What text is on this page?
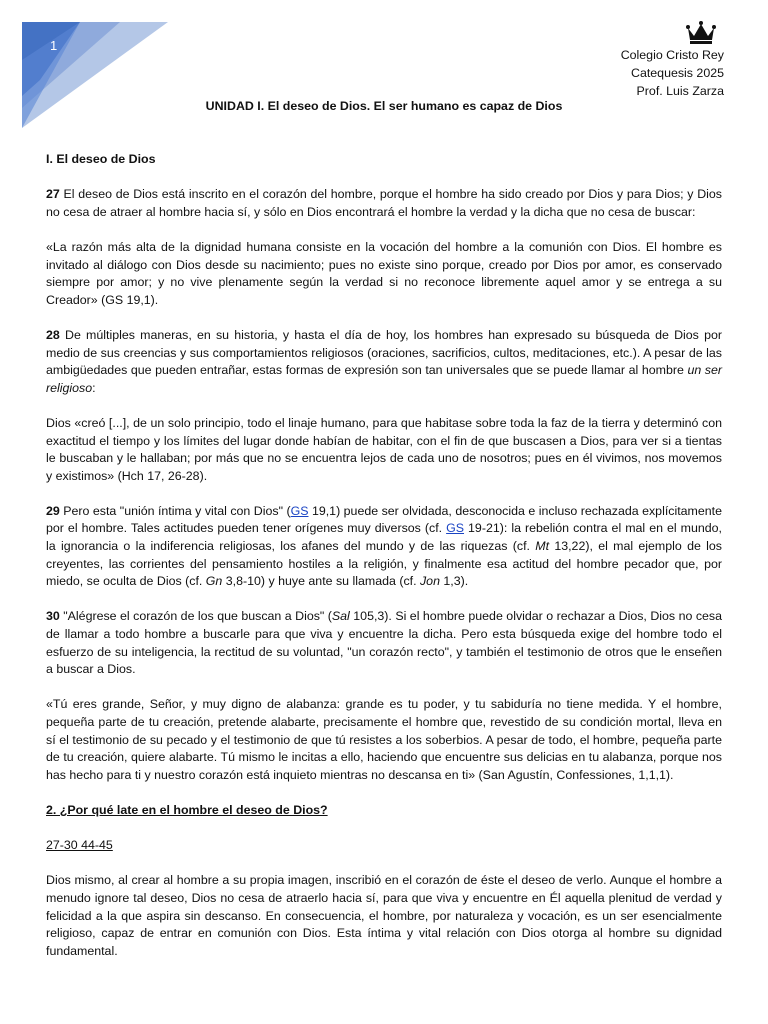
1
Colegio Cristo Rey
Catequesis 2025
Prof. Luis Zarza
UNIDAD I. El deseo de Dios. El ser humano es capaz de Dios

I. El deseo de Dios

27 El deseo de Dios está inscrito en el corazón del hombre, porque el hombre ha sido creado por Dios y para Dios; y Dios no cesa de atraer al hombre hacia sí, y sólo en Dios encontrará el hombre la verdad y la dicha que no cesa de buscar:

«La razón más alta de la dignidad humana consiste en la vocación del hombre a la comunión con Dios. El hombre es invitado al diálogo con Dios desde su nacimiento; pues no existe sino porque, creado por Dios por amor, es conservado siempre por amor; y no vive plenamente según la verdad si no reconoce libremente aquel amor y se entrega a su Creador» (GS 19,1).

28 De múltiples maneras, en su historia, y hasta el día de hoy, los hombres han expresado su búsqueda de Dios por medio de sus creencias y sus comportamientos religiosos (oraciones, sacrificios, cultos, meditaciones, etc.). A pesar de las ambigüedades que pueden entrañar, estas formas de expresión son tan universales que se puede llamar al hombre un ser religioso:

Dios «creó [...], de un solo principio, todo el linaje humano, para que habitase sobre toda la faz de la tierra y determinó con exactitud el tiempo y los límites del lugar donde habían de habitar, con el fin de que buscasen a Dios, para ver si a tientas le buscaban y le hallaban; por más que no se encuentra lejos de cada uno de nosotros; pues en él vivimos, nos movemos y existimos» (Hch 17, 26-28).

29 Pero esta "unión íntima y vital con Dios" (GS 19,1) puede ser olvidada, desconocida e incluso rechazada explícitamente por el hombre. Tales actitudes pueden tener orígenes muy diversos (cf. GS 19-21): la rebelión contra el mal en el mundo, la ignorancia o la indiferencia religiosas, los afanes del mundo y de las riquezas (cf. Mt 13,22), el mal ejemplo de los creyentes, las corrientes del pensamiento hostiles a la religión, y finalmente esa actitud del hombre pecador que, por miedo, se oculta de Dios (cf. Gn 3,8-10) y huye ante su llamada (cf. Jon 1,3).

30 "Alégrese el corazón de los que buscan a Dios" (Sal 105,3). Si el hombre puede olvidar o rechazar a Dios, Dios no cesa de llamar a todo hombre a buscarle para que viva y encuentre la dicha. Pero esta búsqueda exige del hombre todo el esfuerzo de su inteligencia, la rectitud de su voluntad, "un corazón recto", y también el testimonio de otros que le enseñen a buscar a Dios.

«Tú eres grande, Señor, y muy digno de alabanza: grande es tu poder, y tu sabiduría no tiene medida. Y el hombre, pequeña parte de tu creación, pretende alabarte, precisamente el hombre que, revestido de su condición mortal, lleva en sí el testimonio de su pecado y el testimonio de que tú resistes a los soberbios. A pesar de todo, el hombre, pequeña parte de tu creación, quiere alabarte. Tú mismo le incitas a ello, haciendo que encuentre sus delicias en tu alabanza, porque nos has hecho para ti y nuestro corazón está inquieto mientras no descansa en ti» (San Agustín, Confessiones, 1,1,1).

2. ¿Por qué late en el hombre el deseo de Dios?

27-30 44-45

Dios mismo, al crear al hombre a su propia imagen, inscribió en el corazón de éste el deseo de verlo. Aunque el hombre a menudo ignore tal deseo, Dios no cesa de atraerlo hacia sí, para que viva y encuentre en Él aquella plenitud de verdad y felicidad a la que aspira sin descanso. En consecuencia, el hombre, por naturaleza y vocación, es un ser esencialmente religioso, capaz de entrar en comunión con Dios. Esta íntima y vital relación con Dios otorga al hombre su dignidad fundamental.
